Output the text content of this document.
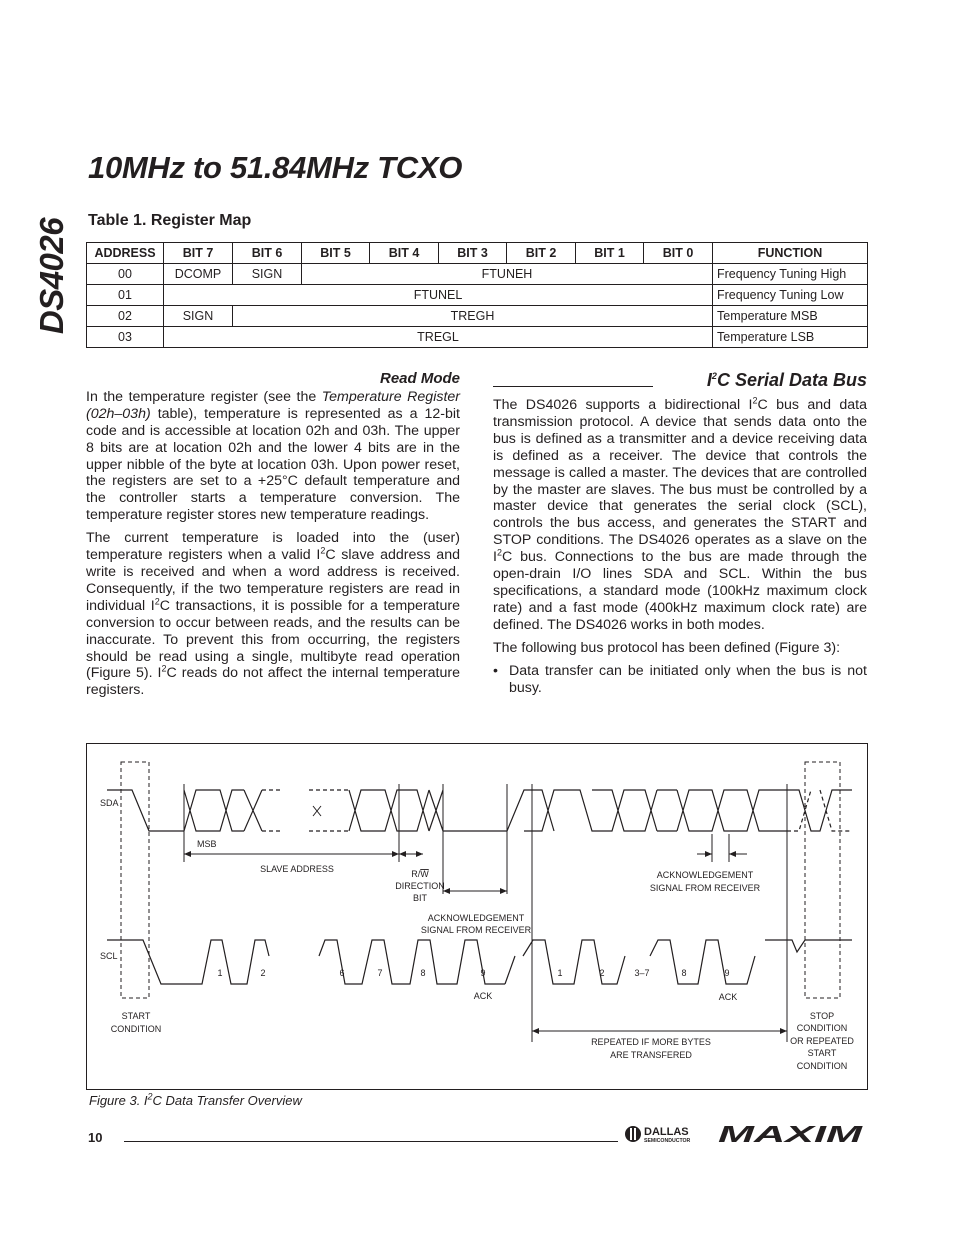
DS4026
10MHz to 51.84MHz TCXO
Table 1. Register Map
ADDRESS	BIT 7	BIT 6	BIT 5	BIT 4	BIT 3	BIT 2	BIT 1	BIT 0	FUNCTION
00	DCOMP	SIGN	FTUNEH						Frequency Tuning High
01	FTUNEL								Frequency Tuning Low
02	SIGN	TREGH							Temperature MSB
03	TREGL								Temperature LSB

Read Mode

In the temperature register (see the Temperature Register (02h–03h) table), temperature is represented as a 12-bit code and is accessible at location 02h and 03h. The upper 8 bits are at location 02h and the lower 4 bits are in the upper nibble of the byte at location 03h. Upon power reset, the registers are set to a +25°C default temperature and the controller starts a temperature conversion. The temperature register stores new temperature readings.

The current temperature is loaded into the (user) temperature registers when a valid $I^2C$ slave address and write is received and when a word address is received. Consequently, if the two temperature registers are read in individual $I^2C$ transactions, it is possible for a temperature conversion to occur between reads, and the results can be inaccurate. To prevent this from occurring, the registers should be read using a single, multibyte read operation (Figure 5). $I^2C$ reads do not affect the internal temperature registers.

$I^2C$ Serial Data Bus

The DS4026 supports a bidirectional $I^2C$ bus and data transmission protocol. A device that sends data onto the bus is defined as a transmitter and a device receiving data is defined as a receiver. The device that controls the message is called a master. The devices that are controlled by the master are slaves. The bus must be controlled by a master device that generates the serial clock (SCL), controls the bus access, and generates the START and STOP conditions. The DS4026 operates as a slave on the $I^2C$ bus. Connections to the bus are made through the open-drain I/O lines SDA and SCL. Within the bus specifications, a standard mode (100kHz maximum clock rate) and a fast mode (400kHz maximum clock rate) are defined. The DS4026 works in both modes.

The following bus protocol has been defined (Figure 3):

• Data transfer can be initiated only when the bus is not busy.
SDA
SCL
MSB
SLAVE ADDRESS	R/W
DIRECTION
BIT
ACKNOWLEDGEMENT
SIGNAL FROM RECEIVER
ACKNOWLEDGEMENT
SIGNAL FROM RECEIVER
1	2	6	7	8	9	1	2	3–7	8	9
ACK	ACK
START
CONDITION
REPEATED IF MORE BYTES
ARE TRANSFERED
STOP
CONDITION
OR REPEATED
START
CONDITION
Figure 3. $I^2C$ Data Transfer Overview
10	DALLAS
SEMICONDUCTOR MAXIM
